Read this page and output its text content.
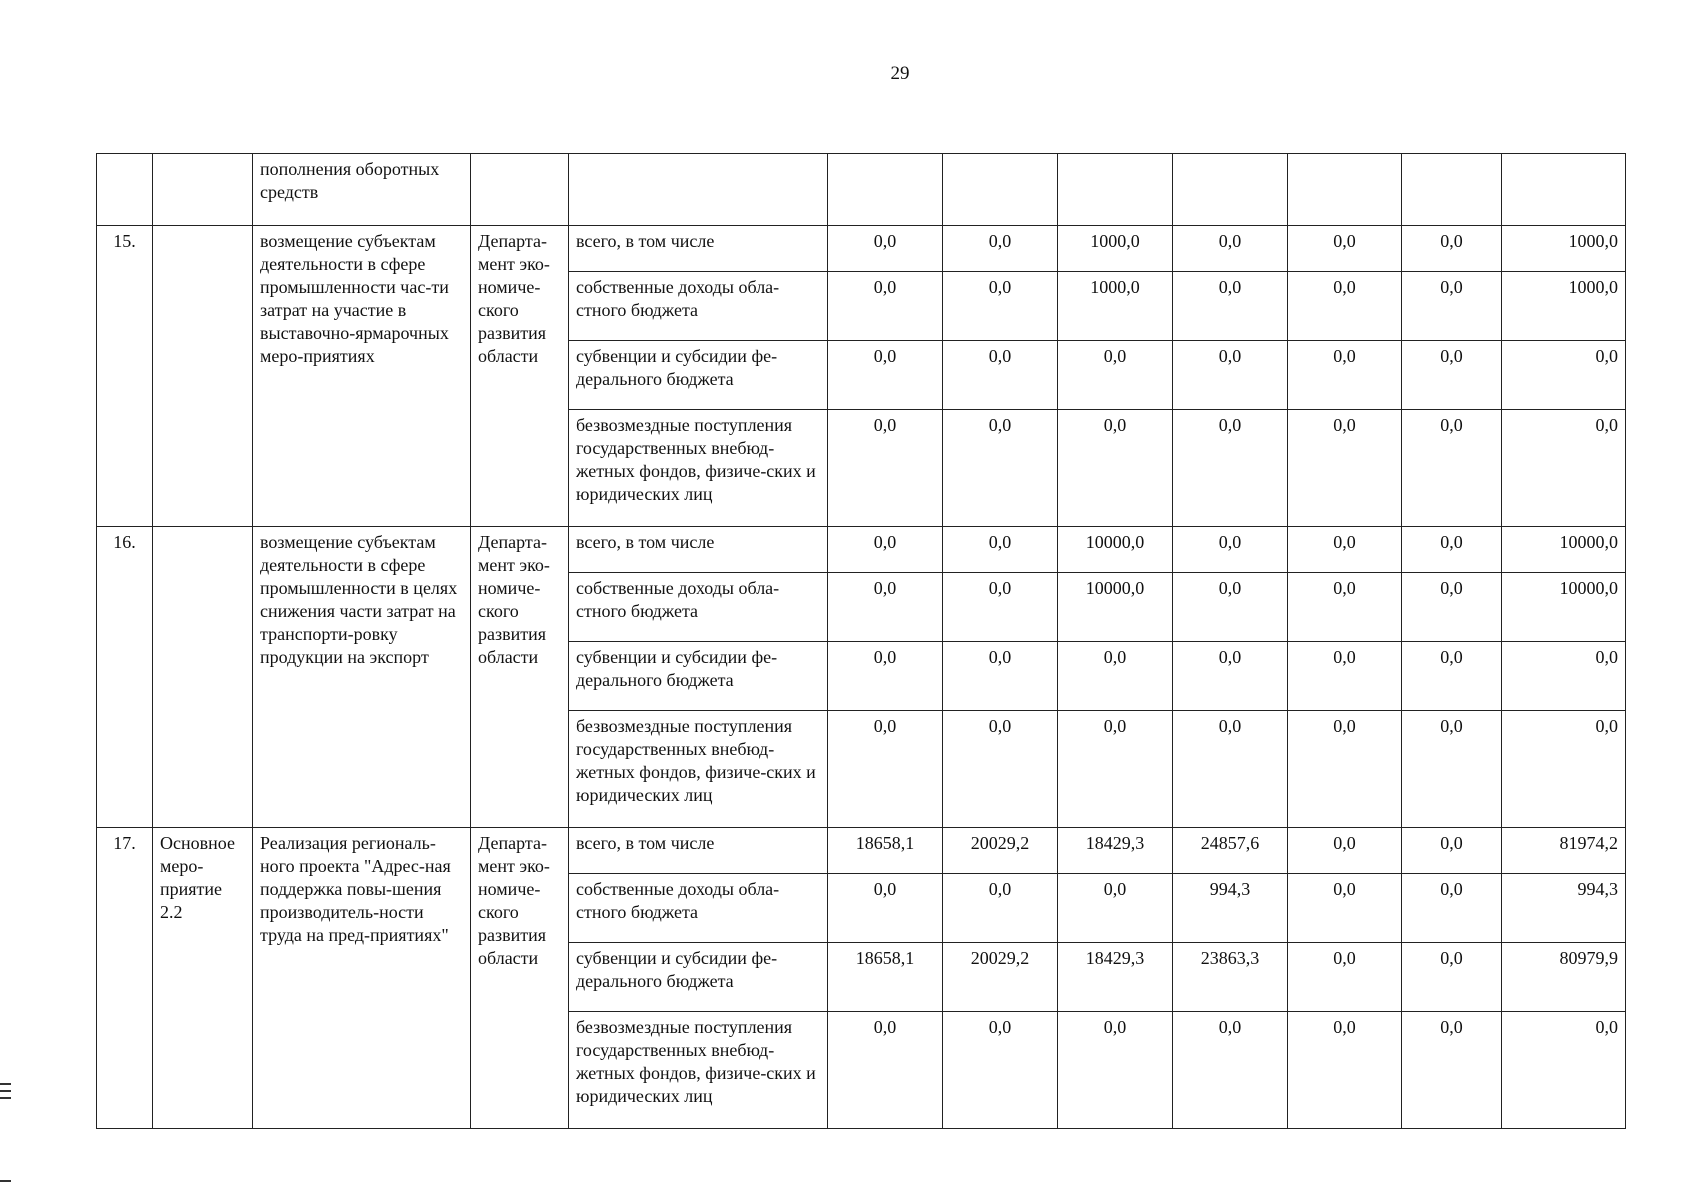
29
		пополнения оборотных средств									
15.		возмещение субъектам деятельности в сфере промышленности час-ти затрат на участие в выставочно-ярмарочных меро-приятиях	Департа-мент эко-номиче-ского развития области	всего, в том числе	0,0	0,0	1000,0	0,0	0,0	0,0	1000,0
				собственные доходы обла-стного бюджета	0,0	0,0	1000,0	0,0	0,0	0,0	1000,0
				субвенции и субсидии фе-дерального бюджета	0,0	0,0	0,0	0,0	0,0	0,0	0,0
				безвозмездные поступления государственных внебюд-жетных фондов, физиче-ских и юридических лиц	0,0	0,0	0,0	0,0	0,0	0,0	0,0
16.		возмещение субъектам деятельности в сфере промышленности в целях снижения части затрат на транспорти-ровку продукции на экспорт	Департа-мент эко-номиче-ского развития области	всего, в том числе	0,0	0,0	10000,0	0,0	0,0	0,0	10000,0
				собственные доходы обла-стного бюджета	0,0	0,0	10000,0	0,0	0,0	0,0	10000,0
				субвенции и субсидии фе-дерального бюджета	0,0	0,0	0,0	0,0	0,0	0,0	0,0
				безвозмездные поступления государственных внебюд-жетных фондов, физиче-ских и юридических лиц	0,0	0,0	0,0	0,0	0,0	0,0	0,0
17.	Основное меро-приятие 2.2	Реализация региональ-ного проекта "Адрес-ная поддержка повы-шения производитель-ности труда на пред-приятиях"	Департа-мент эко-номиче-ского развития области	всего, в том числе	18658,1	20029,2	18429,3	24857,6	0,0	0,0	81974,2
				собственные доходы обла-стного бюджета	0,0	0,0	0,0	994,3	0,0	0,0	994,3
				субвенции и субсидии фе-дерального бюджета	18658,1	20029,2	18429,3	23863,3	0,0	0,0	80979,9
				безвозмездные поступления государственных внебюд-жетных фондов, физиче-ских и юридических лиц	0,0	0,0	0,0	0,0	0,0	0,0	0,0
